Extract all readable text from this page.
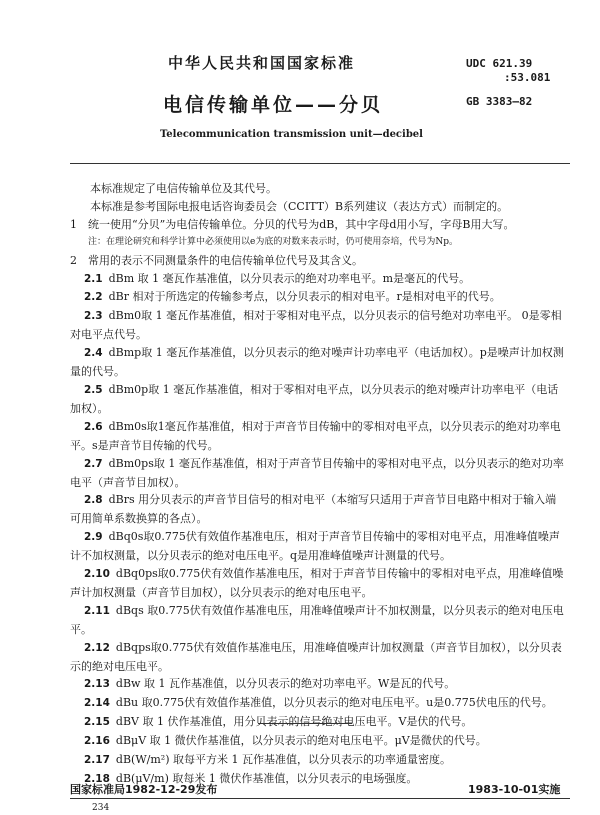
中华人民共和国国家标准	UDC 621.39
:53.081
电信传输单位——分贝	GB 3383—82
Telecommunication transmission unit—decibel

本标准规定了电信传输单位及其代号。

本标准是参考国际电报电话咨询委员会（CCITT）B系列建议（表达方式）而制定的。

1　统一使用“分贝”为电信传输单位。分贝的代号为dB，其中字母d用小写，字母B用大写。

注：在理论研究和科学计算中必须使用以e为底的对数来表示时，仍可使用奈培，代号为Np。

2　常用的表示不同测量条件的电信传输单位代号及其含义。

2.1 dBm 取 1 毫瓦作基准值，以分贝表示的绝对功率电平。m是毫瓦的代号。

2.2 dBr 相对于所选定的传输参考点，以分贝表示的相对电平。r是相对电平的代号。

2.3 dBm0取 1 毫瓦作基准值，相对于零相对电平点，以分贝表示的信号绝对功率电平。 0是零相对电平点代号。

2.4 dBmp取 1 毫瓦作基准值，以分贝表示的绝对噪声计功率电平（电话加权）。p是噪声计加权测量的代号。

2.5 dBm0p取 1 毫瓦作基准值，相对于零相对电平点，以分贝表示的绝对噪声计功率电平（电话加权）。

2.6 dBm0s取1毫瓦作基准值，相对于声音节目传输中的零相对电平点，以分贝表示的绝对功率电平。s是声音节目传输的代号。

2.7 dBm0ps取 1 毫瓦作基准值，相对于声音节目传输中的零相对电平点，以分贝表示的绝对功率电平（声音节目加权）。

2.8 dBrs 用分贝表示的声音节目信号的相对电平（本缩写只适用于声音节目电路中相对于输入端可用简单系数换算的各点）。

2.9 dBq0s取0.775伏有效值作基准电压，相对于声音节目传输中的零相对电平点，用准峰值噪声计不加权测量，以分贝表示的绝对电压电平。q是用准峰值噪声计测量的代号。

2.10 dBq0ps取0.775伏有效值作基准电压，相对于声音节目传输中的零相对电平点，用准峰值噪声计加权测量（声音节目加权），以分贝表示的绝对电压电平。

2.11 dBqs 取0.775伏有效值作基准电压，用准峰值噪声计不加权测量，以分贝表示的绝对电压电平。

2.12 dBqps取0.775伏有效值作基准电压，用准峰值噪声计加权测量（声音节目加权），以分贝表示的绝对电压电平。

2.13 dBw 取 1 瓦作基准值，以分贝表示的绝对功率电平。W是瓦的代号。

2.14 dBu 取0.775伏有效值作基准值，以分贝表示的绝对电压电平。u是0.775伏电压的代号。

2.15 dBV 取 1 伏作基准值，用分贝表示的信号绝对电压电平。V是伏的代号。

2.16 dBμV 取 1 微伏作基准值，以分贝表示的绝对电压电平。μV是微伏的代号。

2.17 dB(W/m²) 取每平方米 1 瓦作基准值，以分贝表示的功率通量密度。

2.18 dB(μV/m) 取每米 1 微伏作基准值，以分贝表示的电场强度。

国家标准局1982-12-29发布	1983-10-01实施
234
